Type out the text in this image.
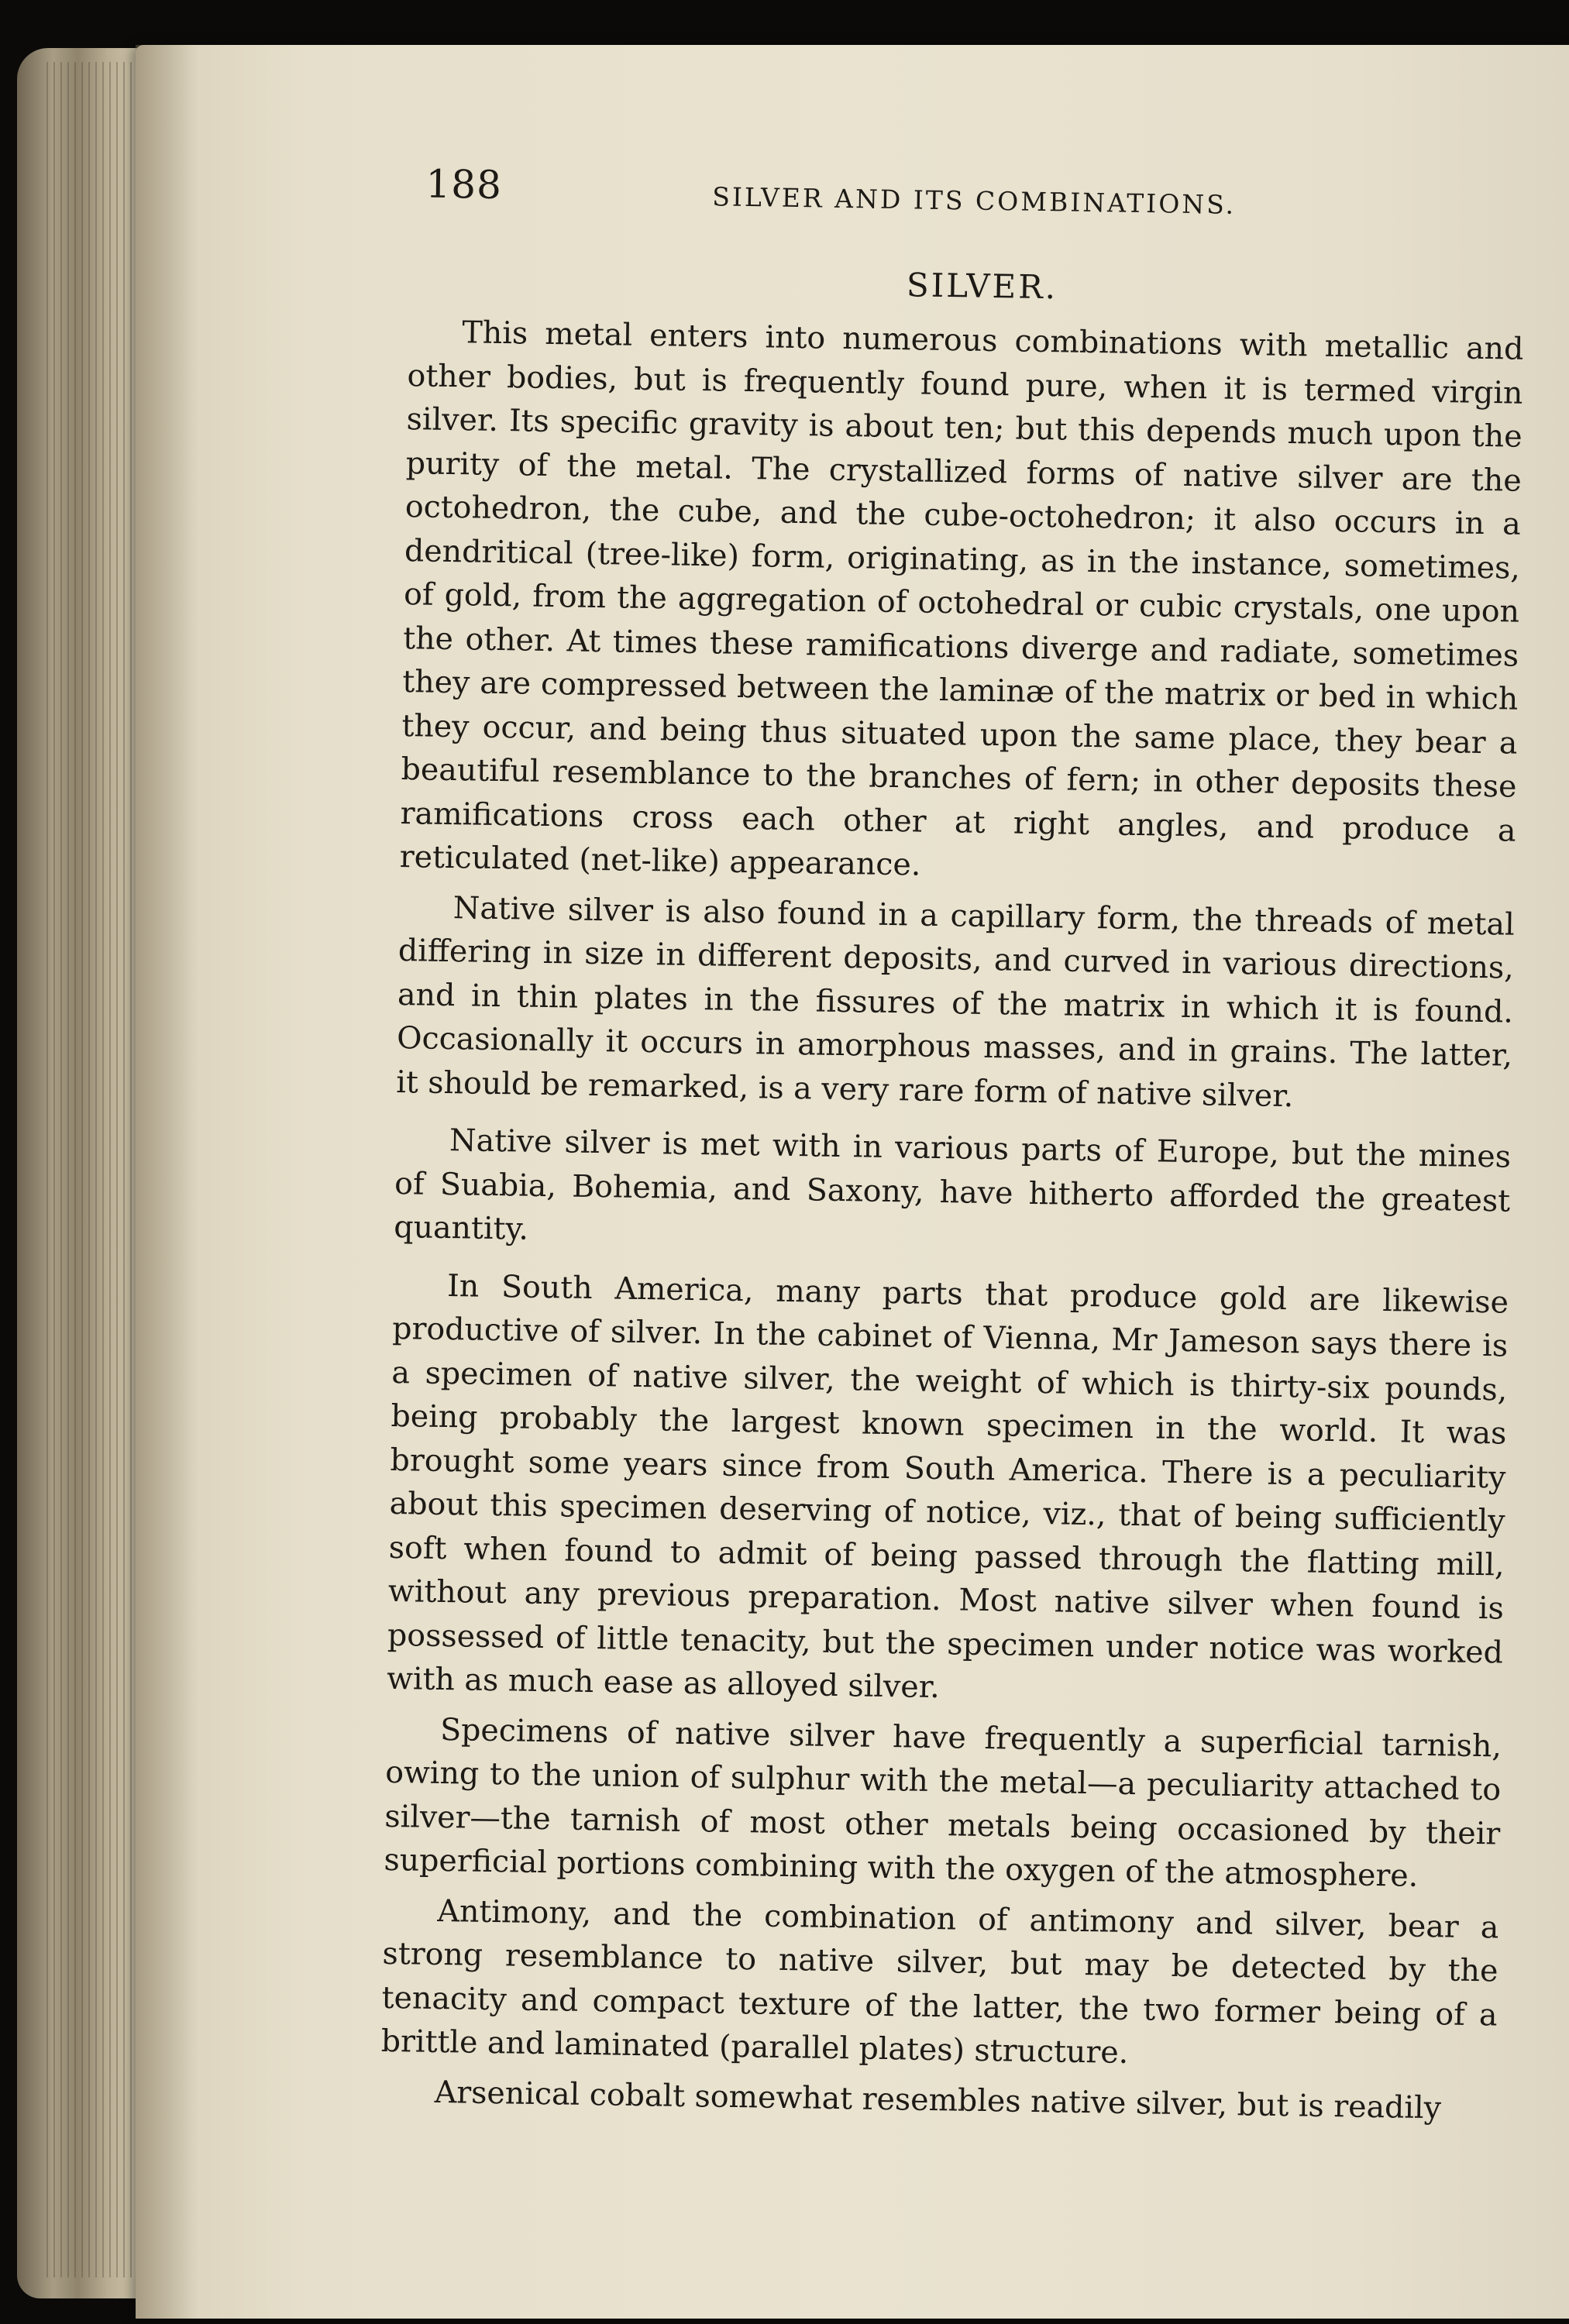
188	SILVER AND ITS COMBINATIONS.
SILVER.

This metal enters into numerous combinations with metallic and other bodies, but is frequently found pure, when it is termed virgin silver. Its specific gravity is about ten; but this depends much upon the purity of the metal. The crystallized forms of native silver are the octohedron, the cube, and the cube-octohedron; it also occurs in a dendritical (tree-like) form, originating, as in the instance, sometimes, of gold, from the aggregation of octohedral or cubic crystals, one upon the other. At times these ramifications diverge and radiate, sometimes they are compressed between the laminæ of the matrix or bed in which they occur, and being thus situated upon the same place, they bear a beautiful resemblance to the branches of fern; in other deposits these ramifications cross each other at right angles, and produce a reticulated (net-like) appearance.

Native silver is also found in a capillary form, the threads of metal differing in size in different deposits, and curved in various directions, and in thin plates in the fissures of the matrix in which it is found. Occasionally it occurs in amorphous masses, and in grains. The latter, it should be remarked, is a very rare form of native silver.

Native silver is met with in various parts of Europe, but the mines of Suabia, Bohemia, and Saxony, have hitherto afforded the greatest quantity.

In South America, many parts that produce gold are likewise productive of silver. In the cabinet of Vienna, Mr Jameson says there is a specimen of native silver, the weight of which is thirty-six pounds, being probably the largest known specimen in the world. It was brought some years since from South America. There is a peculiarity about this specimen deserving of notice, viz., that of being sufficiently soft when found to admit of being passed through the flatting mill, without any previous preparation. Most native silver when found is possessed of little tenacity, but the specimen under notice was worked with as much ease as alloyed silver.

Specimens of native silver have frequently a superficial tarnish, owing to the union of sulphur with the metal—a peculiarity attached to silver—the tarnish of most other metals being occasioned by their superficial portions combining with the oxygen of the atmosphere.

Antimony, and the combination of antimony and silver, bear a strong resemblance to native silver, but may be detected by the tenacity and compact texture of the latter, the two former being of a brittle and laminated (parallel plates) structure.

Arsenical cobalt somewhat resembles native silver, but is readily
